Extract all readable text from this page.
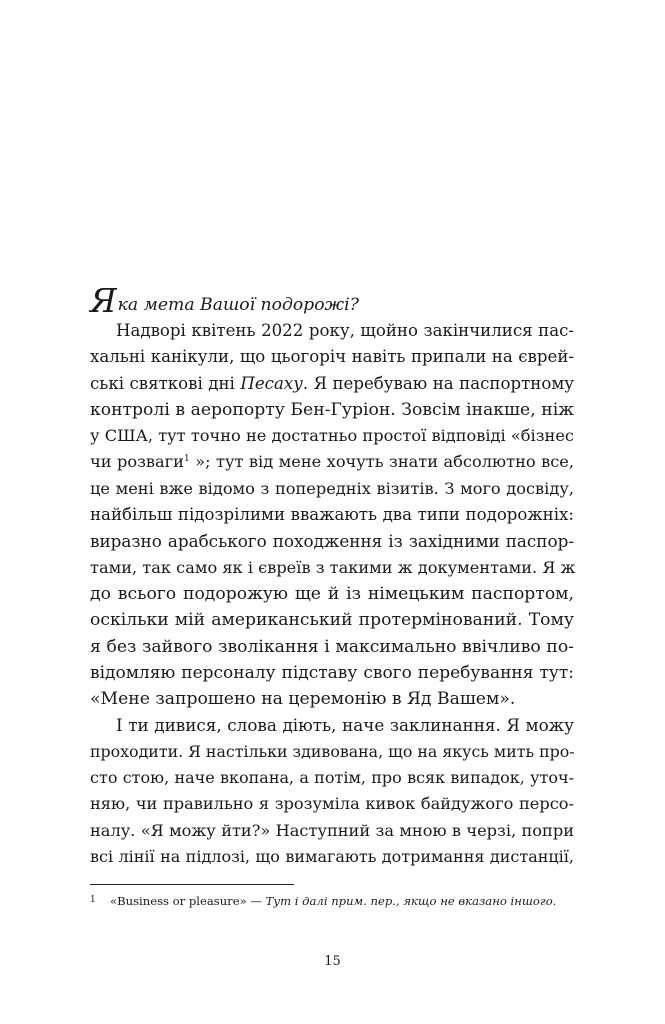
Яка мета Вашої подорожі?
Надворі квітень 2022 року, щойно закінчилися пас-
хальні канікули, що цьогоріч навіть припали на єврей-
ські святкові дні Песаху. Я перебуваю на паспортному
контролі в аеропорту Бен-Гуріон. Зовсім інакше, ніж
у США, тут точно не достатньо простої відповіді «бізнес
чи розваги$^1$ »; тут від мене хочуть знати абсолютно все,
це мені вже відомо з попередніх візитів. З мого досвіду,
найбільш підозрілими вважають два типи подорожніх:
виразно арабського походження із західними паспор-
тами, так само як і євреїв з такими ж документами. Я ж
до всього подорожую ще й із німецьким паспортом,
оскільки мій американський протермінований. Тому
я без зайвого зволікання і максимально ввічливо по-
відомляю персоналу підставу свого перебування тут:
«Мене запрошено на церемонію в Яд Вашем».
І ти дивися, слова діють, наче заклинання. Я можу
проходити. Я настільки здивована, що на якусь мить про-
сто стою, наче вкопана, а потім, про всяк випадок, уточ-
няю, чи правильно я зрозуміла кивок байдужого персо-
налу. «Я можу йти?» Наступний за мною в черзі, попри
всі лінії на підлозі, що вимагають дотримання дистанції,
1 «Business or pleasure» — Тут і далі прим. пер., якщо не вказано іншого.
15
